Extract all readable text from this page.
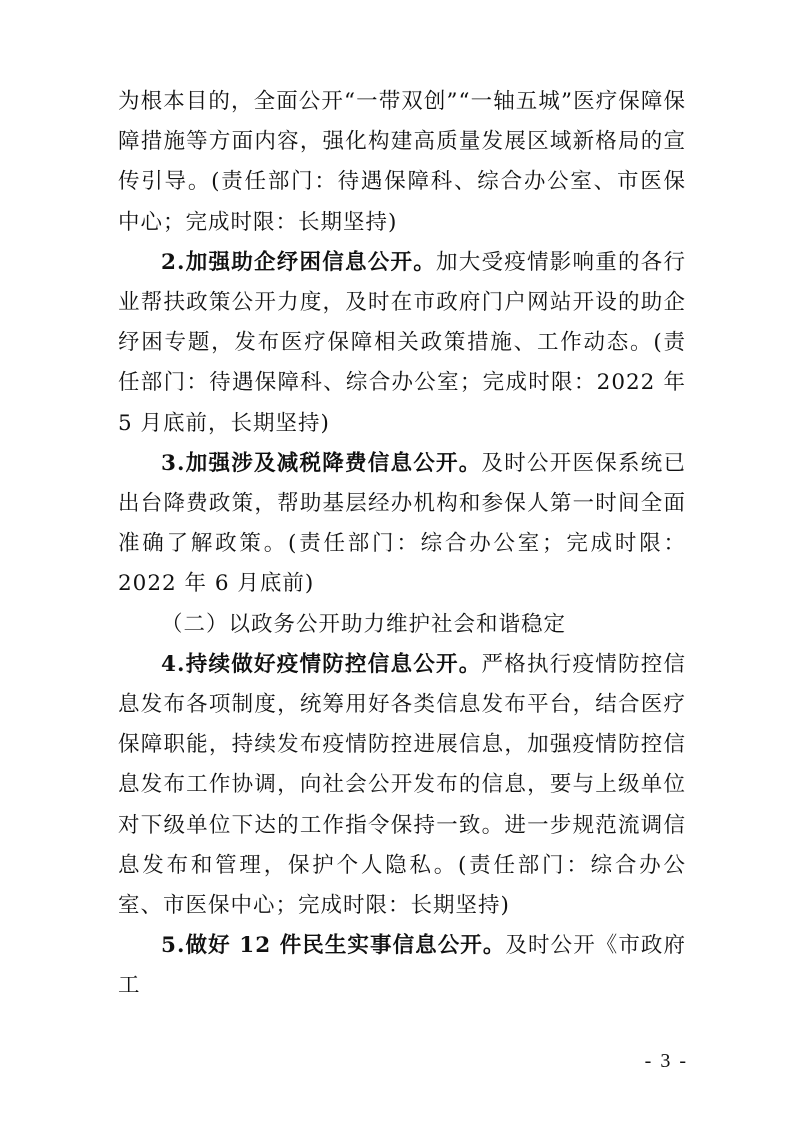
为根本目的，全面公开“一带双创”“一轴五城”医疗保障保障措施等方面内容，强化构建高质量发展区域新格局的宣传引导。(责任部门：待遇保障科、综合办公室、市医保中心；完成时限：长期坚持)

2.加强助企纾困信息公开。加大受疫情影响重的各行业帮扶政策公开力度，及时在市政府门户网站开设的助企纾困专题，发布医疗保障相关政策措施、工作动态。(责任部门：待遇保障科、综合办公室；完成时限：2022 年 5 月底前，长期坚持)

3.加强涉及减税降费信息公开。及时公开医保系统已出台降费政策，帮助基层经办机构和参保人第一时间全面准确了解政策。(责任部门：综合办公室；完成时限：2022 年 6 月底前)

（二）以政务公开助力维护社会和谐稳定

4.持续做好疫情防控信息公开。严格执行疫情防控信息发布各项制度，统筹用好各类信息发布平台，结合医疗保障职能，持续发布疫情防控进展信息，加强疫情防控信息发布工作协调，向社会公开发布的信息，要与上级单位对下级单位下达的工作指令保持一致。进一步规范流调信息发布和管理，保护个人隐私。(责任部门：综合办公室、市医保中心；完成时限：长期坚持)

5.做好 12 件民生实事信息公开。及时公开《市政府工

- 3 -
